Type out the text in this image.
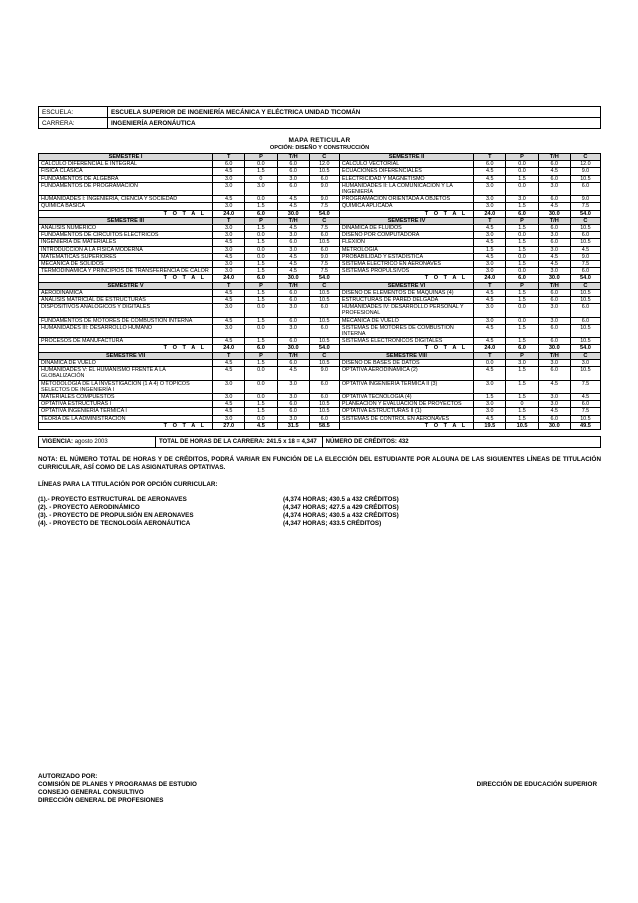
ESCUELA:	ESCUELA SUPERIOR DE INGENIERÍA MECÁNICA Y ELÉCTRICA UNIDAD TICOMÁN
CARRERA:	INGENIERÍA AERONÁUTICA
MAPA RETICULAR
OPCIÓN: DISEÑO Y CONSTRUCCIÓN
SEMESTRE I	T	P	T/H	C	SEMESTRE II	T	P	T/H	C
CÁLCULO DIFERENCIAL E INTEGRAL	6.0	0.0	6.0	12.0	CÁLCULO VECTORIAL	6.0	0.0	6.0	12.0
FÍSICA CLÁSICA	4.5	1.5	6.0	10.5	ECUACIONES DIFERENCIALES	4.5	0.0	4.5	9.0
FUNDAMENTOS DE ÁLGEBRA	3.0	0	3.0	6.0	ELECTRICIDAD Y MAGNETISMO	4.5	1.5	6.0	10.5
FUNDAMENTOS DE PROGRAMACIÓN	3.0	3.0	6.0	9.0	HUMANIDADES II: LA COMUNICACIÓN Y LA INGENIERÍA	3.0	0.0	3.0	6.0
HUMANIDADES I: INGENIERÍA, CIENCIA Y SOCIEDAD	4.5	0.0	4.5	9.0	PROGRAMACIÓN ORIENTADA A OBJETOS	3.0	3.0	6.0	9.0
QUÍMICA BÁSICA	3.0	1.5	4.5	7.5	QUÍMICA APLICADA	3.0	1.5	4.5	7.5
T O T A L	24.0	6.0	30.0	54.0	T O T A L	24.0	6.0	30.0	54.0
SEMESTRE III	T	P	T/H	C	SEMESTRE IV	T	P	T/H	C
ANÁLISIS NUMÉRICO	3.0	1.5	4.5	7.5	DINÁMICA DE FLUIDOS	4.5	1.5	6.0	10.5
FUNDAMENTOS DE CIRCUITOS ELÉCTRICOS	3.0	0.0	3.0	6.0	DISEÑO POR COMPUTADORA	3.0	0.0	3.0	6.0
INGENIERÍA DE MATERIALES	4.5	1.5	6.0	10.5	FLEXIÓN	4.5	1.5	6.0	10.5
INTRODUCCIÓN A LA FÍSICA MODERNA	3.0	0.0	3.0	6.0	METROLOGÍA	1.5	1.5	3.0	4.5
MATEMÁTICAS SUPERIORES	4.5	0.0	4.5	9.0	PROBABILIDAD Y ESTADÍSTICA	4.5	0.0	4.5	9.0
MECÁNICA DE SÓLIDOS	3.0	1.5	4.5	7.5	SISTEMA ELÉCTRICO EN AERONAVES	3.0	1.5	4.5	7.5
TERMODINÁMICA Y PRINCIPIOS DE TRANSFERENCIA DE CALOR	3.0	1.5	4.5	7.5	SISTEMAS PROPULSIVOS	3.0	0.0	3.0	6.0
T O T A L	24.0	6.0	30.0	54.0	T O T A L	24.0	6.0	30.0	54.0
SEMESTRE V	T	P	T/H	C	SEMESTRE VI	T	P	T/H	C
AERODINÁMICA	4.5	1.5	6.0	10.5	DISEÑO DE ELEMENTOS DE MÁQUINAS (4)	4.5	1.5	6.0	10.5
ANÁLISIS MATRICIAL DE ESTRUCTURAS	4.5	1.5	6.0	10.5	ESTRUCTURAS DE PARED DELGADA	4.5	1.5	6.0	10.5
DISPOSITIVOS ANALÓGICOS Y DIGITALES	3.0	0.0	3.0	6.0	HUMANIDADES IV: DESARROLLO PERSONAL Y PROFESIONAL	3.0	0.0	3.0	6.0
FUNDAMENTOS DE MOTORES DE COMBUSTIÓN INTERNA	4.5	1.5	6.0	10.5	MECÁNICA DE VUELO	3.0	0.0	3.0	6.0
HUMANIDADES III: DESARROLLO HUMANO	3.0	0.0	3.0	6.0	SISTEMAS DE MOTORES DE COMBUSTIÓN INTERNA	4.5	1.5	6.0	10.5
PROCESOS DE MANUFACTURA	4.5	1.5	6.0	10.5	SISTEMAS ELECTRÓNICOS DIGITALES	4.5	1.5	6.0	10.5
T O T A L	24.0	6.0	30.0	54.0	T O T A L	24.0	6.0	30.0	54.0
SEMESTRE VII	T	P	T/H	C	SEMESTRE VIII	T	P	T/H	C
DINÁMICA DE VUELO	4.5	1.5	6.0	10.5	DISEÑO DE BASES DE DATOS	0.0	3.0	3.0	3.0
HUMANIDADES V: EL HUMANISMO FRENTE A LA GLOBALIZACIÓN	4.5	0.0	4.5	9.0	OPTATIVA AERODINÁMICA (2)	4.5	1.5	6.0	10.5
METODOLOGÍA DE LA INVESTIGACIÓN (1 A 4) Ó TÓPICOS SELECTOS DE INGENIERÍA I	3.0	0.0	3.0	6.0	OPTATIVA INGENIERÍA TÉRMICA II (3)	3.0	1.5	4.5	7.5
MATERIALES COMPUESTOS	3.0	0.0	3.0	6.0	OPTATIVA TECNOLOGÍA (4)	1.5	1.5	3.0	4.5
OPTATIVA ESTRUCTURAS I	4.5	1.5	6.0	10.5	PLANEACIÓN Y EVALUACIÓN DE PROYECTOS	3.0	0	3.0	6.0
OPTATIVA INGENIERÍA TÉRMICA I	4.5	1.5	6.0	10.5	OPTATIVA ESTRUCTURAS II (1)	3.0	1.5	4.5	7.5
TEORÍA DE LA ADMINISTRACIÓN	3.0	0.0	3.0	6.0	SISTEMAS DE CONTROL EN AERONAVES	4.5	1.5	6.0	10.5
T O T A L	27.0	4.5	31.5	58.5	T O T A L	19.5	10.5	30.0	49.5
VIGENCIA: agosto 2003	TOTAL DE HORAS DE LA CARRERA: 241.5 x 18 = 4,347	NÚMERO DE CRÉDITOS: 432
NOTA: EL NÚMERO TOTAL DE HORAS Y DE CRÉDITOS, PODRÁ VARIAR EN FUNCIÓN DE LA ELECCIÓN DEL ESTUDIANTE POR ALGUNA DE LAS SIGUIENTES LÍNEAS DE TITULACIÓN CURRICULAR, ASÍ COMO DE LAS ASIGNATURAS OPTATIVAS.
LÍNEAS PARA LA TITULACIÓN POR OPCIÓN CURRICULAR:
(1).- PROYECTO ESTRUCTURAL DE AERONAVES	(4,374 HORAS; 430.5 a 432 CRÉDITOS)
(2). - PROYECTO AERODINÁMICO	(4,347 HORAS; 427.5 a 429 CRÉDITOS)
(3). - PROYECTO DE PROPULSIÓN EN AERONAVES	(4,374 HORAS; 430.5 a 432 CRÉDITOS)
(4). - PROYECTO DE TECNOLOGÍA AERONÁUTICA	(4,347 HORAS; 433.5 CRÉDITOS)
AUTORIZADO POR:
COMISIÓN DE PLANES Y PROGRAMAS DE ESTUDIO
CONSEJO GENERAL CONSULTIVO
DIRECCIÓN GENERAL DE PROFESIONES
DIRECCIÓN DE EDUCACIÓN SUPERIOR
